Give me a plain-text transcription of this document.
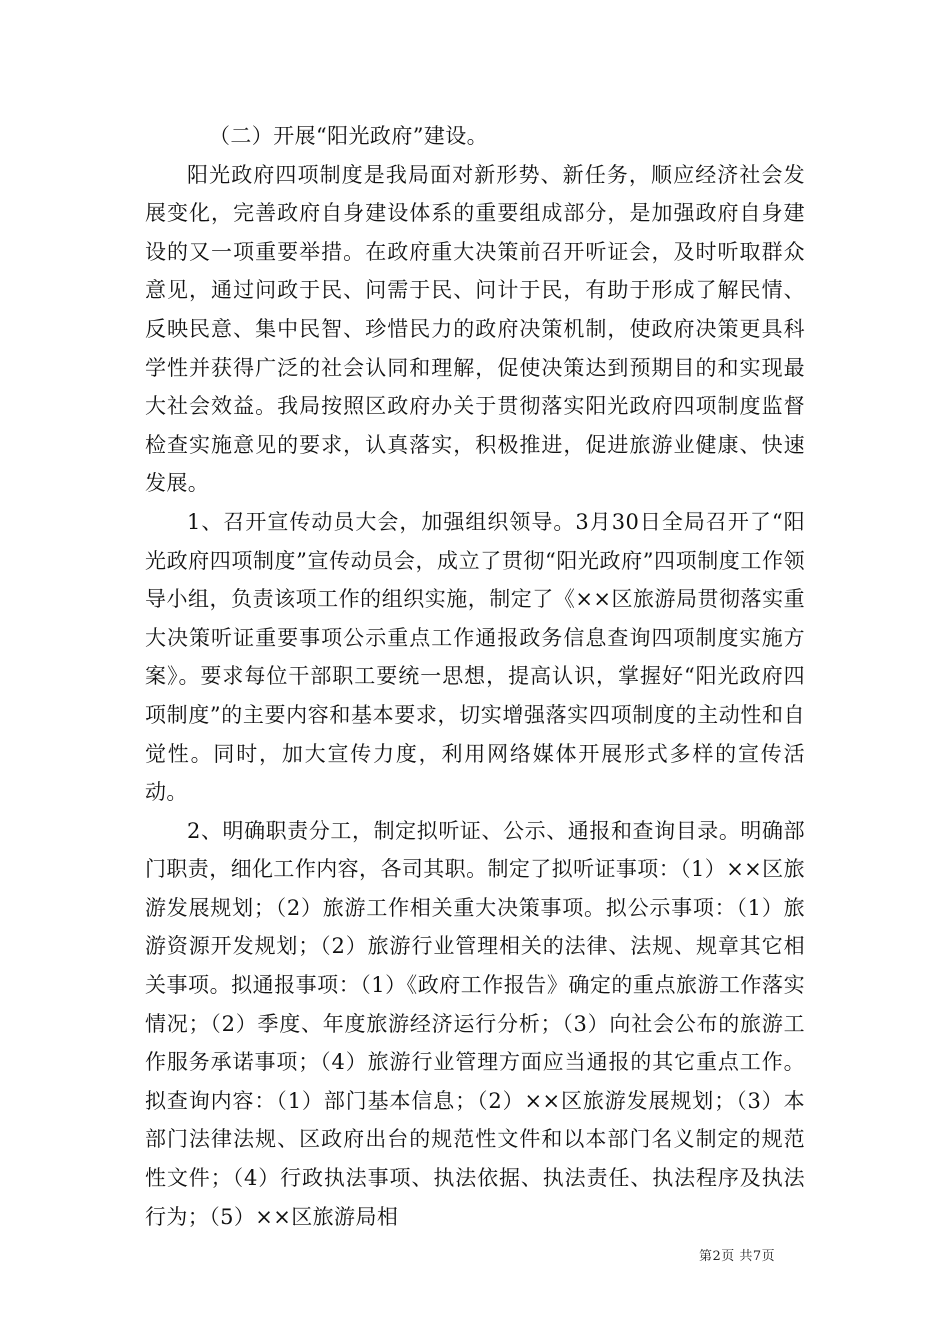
（二）开展“阳光政府”建设。

阳光政府四项制度是我局面对新形势、新任务，顺应经济社会发展变化，完善政府自身建设体系的重要组成部分，是加强政府自身建设的又一项重要举措。在政府重大决策前召开听证会，及时听取群众意见，通过问政于民、问需于民、问计于民，有助于形成了解民情、反映民意、集中民智、珍惜民力的政府决策机制，使政府决策更具科学性并获得广泛的社会认同和理解，促使决策达到预期目的和实现最大社会效益。我局按照区政府办关于贯彻落实阳光政府四项制度监督检查实施意见的要求，认真落实，积极推进，促进旅游业健康、快速发展。

1、召开宣传动员大会，加强组织领导。3月30日全局召开了“阳光政府四项制度”宣传动员会，成立了贯彻“阳光政府”四项制度工作领导小组，负责该项工作的组织实施，制定了《××区旅游局贯彻落实重大决策听证重要事项公示重点工作通报政务信息查询四项制度实施方案》。要求每位干部职工要统一思想，提高认识，掌握好“阳光政府四项制度”的主要内容和基本要求，切实增强落实四项制度的主动性和自觉性。同时，加大宣传力度，利用网络媒体开展形式多样的宣传活动。

2、明确职责分工，制定拟听证、公示、通报和查询目录。明确部门职责，细化工作内容，各司其职。制定了拟听证事项：（1）××区旅游发展规划；（2）旅游工作相关重大决策事项。拟公示事项：（1）旅游资源开发规划；（2）旅游行业管理相关的法律、法规、规章其它相关事项。拟通报事项：（1）《政府工作报告》确定的重点旅游工作落实情况；（2）季度、年度旅游经济运行分析；（3）向社会公布的旅游工作服务承诺事项；（4）旅游行业管理方面应当通报的其它重点工作。拟查询内容：（1）部门基本信息；（2）××区旅游发展规划；（3）本部门法律法规、区政府出台的规范性文件和以本部门名义制定的规范性文件；（4）行政执法事项、执法依据、执法责任、执法程序及执法行为；（5）××区旅游局相

第2页 共7页
